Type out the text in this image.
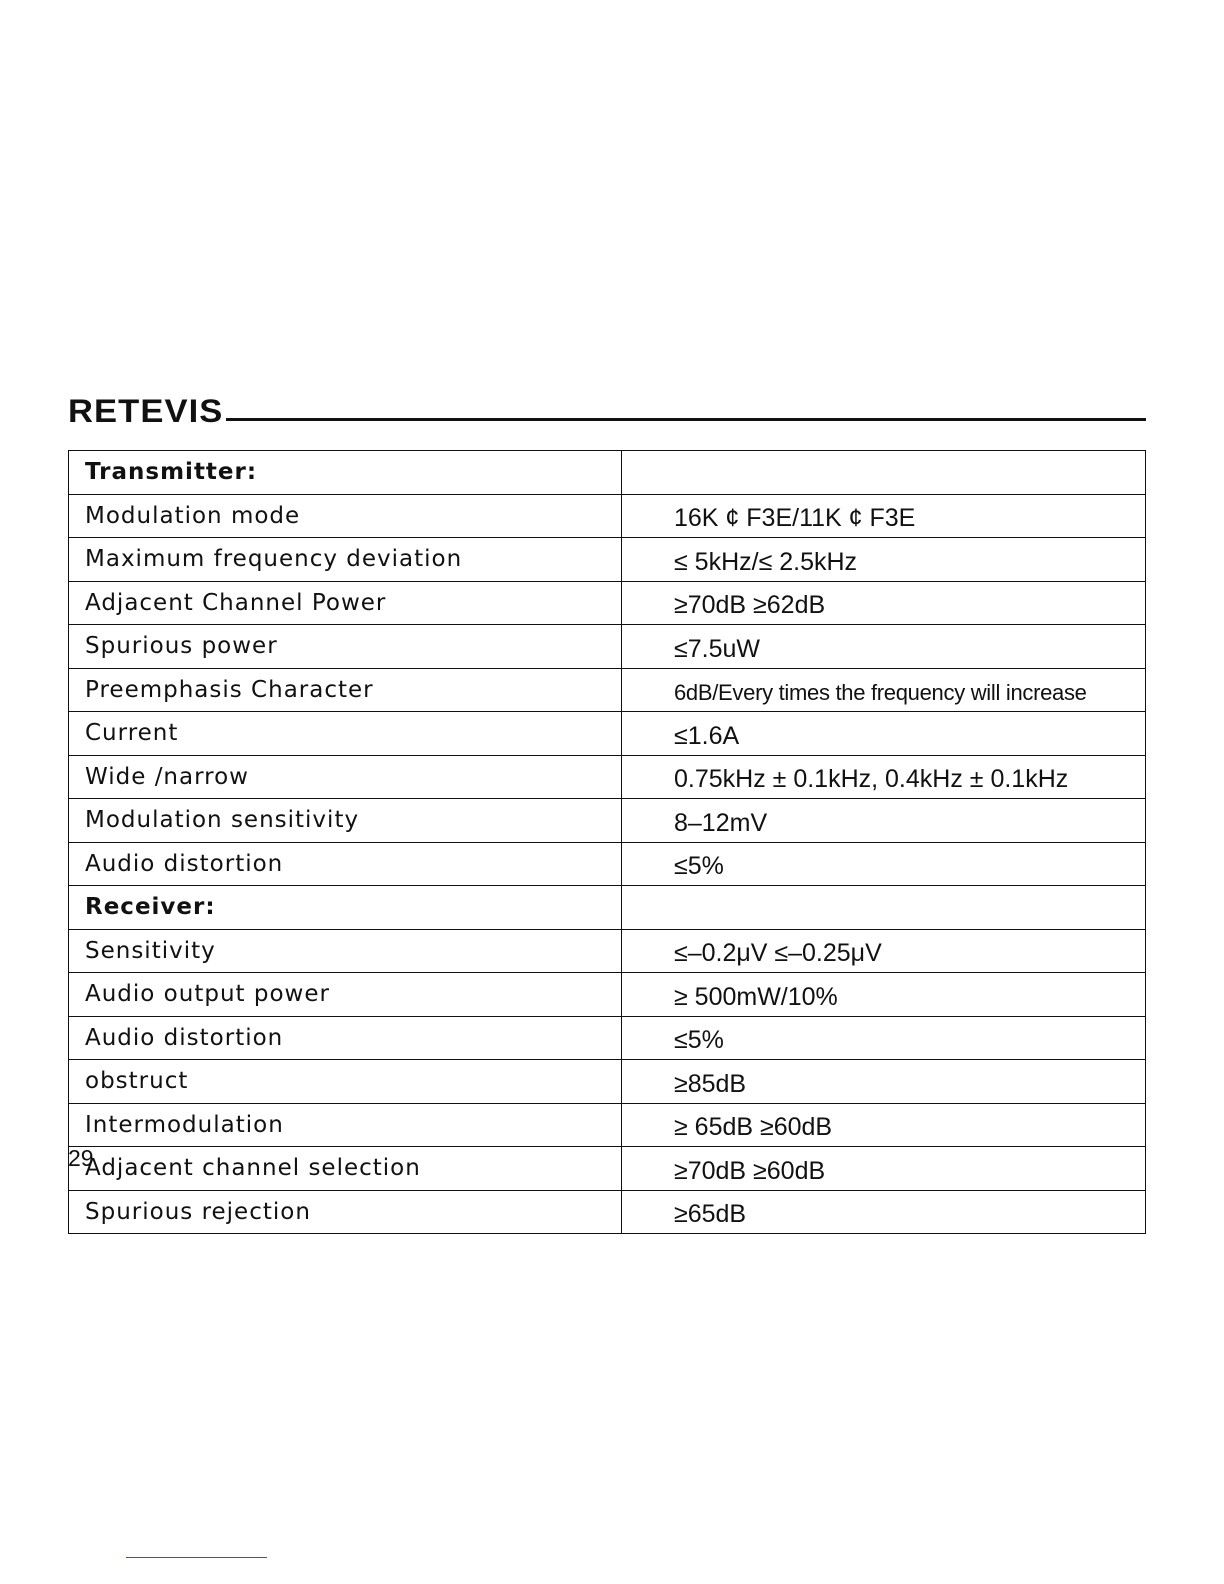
RETEVIS
Transmitter:	
Modulation mode	16K ¢ F3E/11K ¢ F3E
Maximum frequency deviation	≤ 5kHz/≤ 2.5kHz
Adjacent Channel Power	≥70dB ≥62dB
Spurious power	≤7.5uW
Preemphasis Character	6dB/Every times the frequency will increase
Current	≤1.6A
Wide /narrow	0.75kHz ± 0.1kHz, 0.4kHz ± 0.1kHz
Modulation sensitivity	8–12mV
Audio distortion	≤5%
Receiver:	
Sensitivity	≤–0.2μV ≤–0.25μV
Audio output power	≥ 500mW/10%
Audio distortion	≤5%
obstruct	≥85dB
Intermodulation	≥ 65dB ≥60dB
Adjacent channel selection	≥70dB ≥60dB
Spurious rejection	≥65dB
29
